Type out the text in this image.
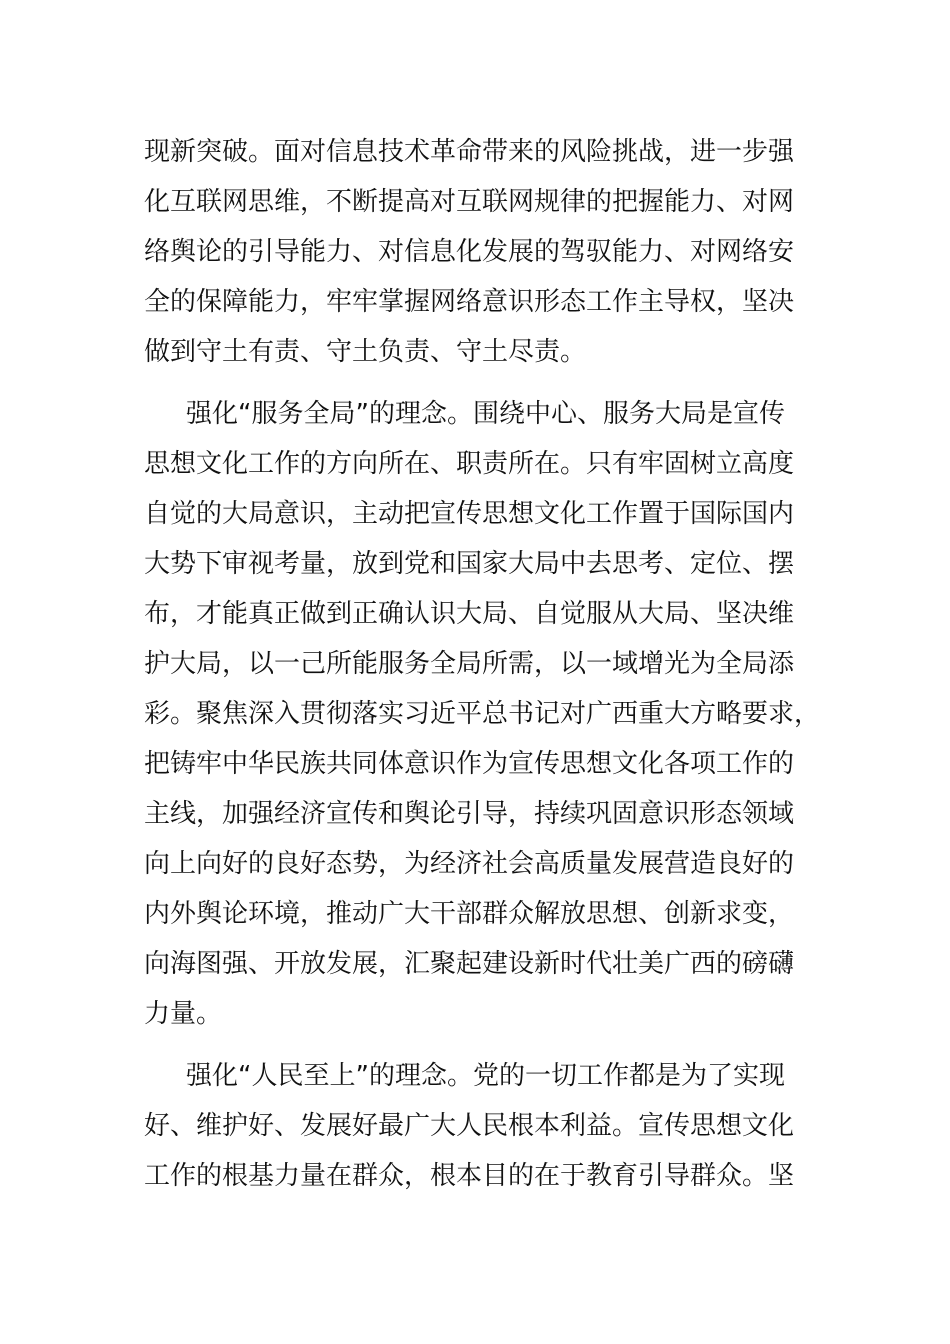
现新突破。面对信息技术革命带来的风险挑战，进一步强
化互联网思维，不断提高对互联网规律的把握能力、对网
络舆论的引导能力、对信息化发展的驾驭能力、对网络安
全的保障能力，牢牢掌握网络意识形态工作主导权，坚决
做到守土有责、守土负责、守土尽责。

强化“服务全局”的理念。围绕中心、服务大局是宣传
思想文化工作的方向所在、职责所在。只有牢固树立高度
自觉的大局意识，主动把宣传思想文化工作置于国际国内
大势下审视考量，放到党和国家大局中去思考、定位、摆
布，才能真正做到正确认识大局、自觉服从大局、坚决维
护大局，以一己所能服务全局所需，以一域增光为全局添
彩。聚焦深入贯彻落实习近平总书记对广西重大方略要求，
把铸牢中华民族共同体意识作为宣传思想文化各项工作的
主线，加强经济宣传和舆论引导，持续巩固意识形态领域
向上向好的良好态势，为经济社会高质量发展营造良好的
内外舆论环境，推动广大干部群众解放思想、创新求变，
向海图强、开放发展，汇聚起建设新时代壮美广西的磅礴
力量。

强化“人民至上”的理念。党的一切工作都是为了实现
好、维护好、发展好最广大人民根本利益。宣传思想文化
工作的根基力量在群众，根本目的在于教育引导群众。坚
